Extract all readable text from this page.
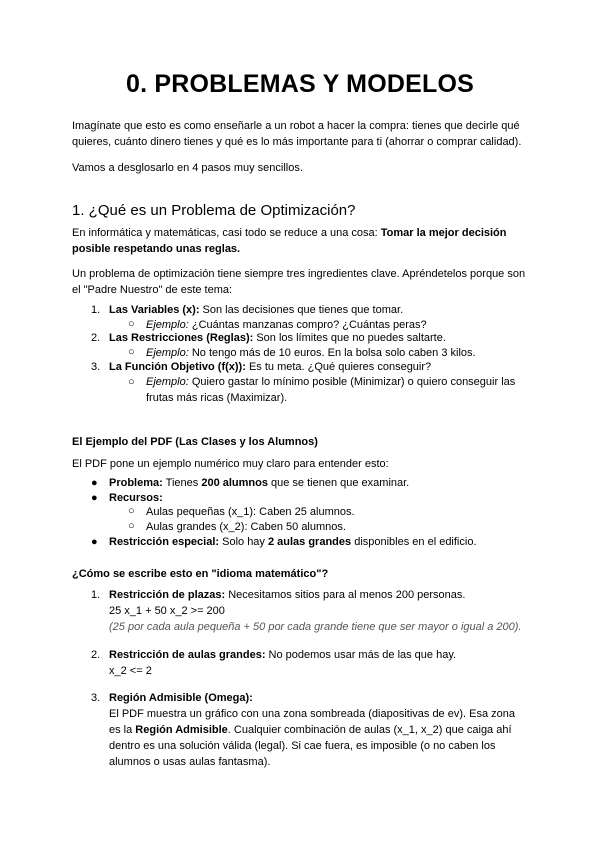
0. PROBLEMAS Y MODELOS
Imagínate que esto es como enseñarle a un robot a hacer la compra: tienes que decirle qué quieres, cuánto dinero tienes y qué es lo más importante para ti (ahorrar o comprar calidad).
Vamos a desglosarlo en 4 pasos muy sencillos.
1. ¿Qué es un Problema de Optimización?
En informática y matemáticas, casi todo se reduce a una cosa: Tomar la mejor decisión posible respetando unas reglas.
Un problema de optimización tiene siempre tres ingredientes clave. Apréndetelos porque son el "Padre Nuestro" de este tema:
1. Las Variables (x): Son las decisiones que tienes que tomar.
○ Ejemplo: ¿Cuántas manzanas compro? ¿Cuántas peras?
2. Las Restricciones (Reglas): Son los límites que no puedes saltarte.
○ Ejemplo: No tengo más de 10 euros. En la bolsa solo caben 3 kilos.
3. La Función Objetivo (f(x)): Es tu meta. ¿Qué quieres conseguir?
○ Ejemplo: Quiero gastar lo mínimo posible (Minimizar) o quiero conseguir las frutas más ricas (Maximizar).
El Ejemplo del PDF (Las Clases y los Alumnos)
El PDF pone un ejemplo numérico muy claro para entender esto:
● Problema: Tienes 200 alumnos que se tienen que examinar.
● Recursos:
○ Aulas pequeñas (x_1): Caben 25 alumnos.
○ Aulas grandes (x_2): Caben 50 alumnos.
● Restricción especial: Solo hay 2 aulas grandes disponibles en el edificio.
¿Cómo se escribe esto en "idioma matemático"?
1. Restricción de plazas: Necesitamos sitios para al menos 200 personas.
25 x_1 + 50 x_2 >= 200
(25 por cada aula pequeña + 50 por cada grande tiene que ser mayor o igual a 200).
2. Restricción de aulas grandes: No podemos usar más de las que hay.
x_2 <= 2
3. Región Admisible (Omega):
El PDF muestra un gráfico con una zona sombreada (diapositivas de ev). Esa zona es la Región Admisible. Cualquier combinación de aulas (x_1, x_2) que caiga ahí dentro es una solución válida (legal). Si cae fuera, es imposible (o no caben los alumnos o usas aulas fantasma).
